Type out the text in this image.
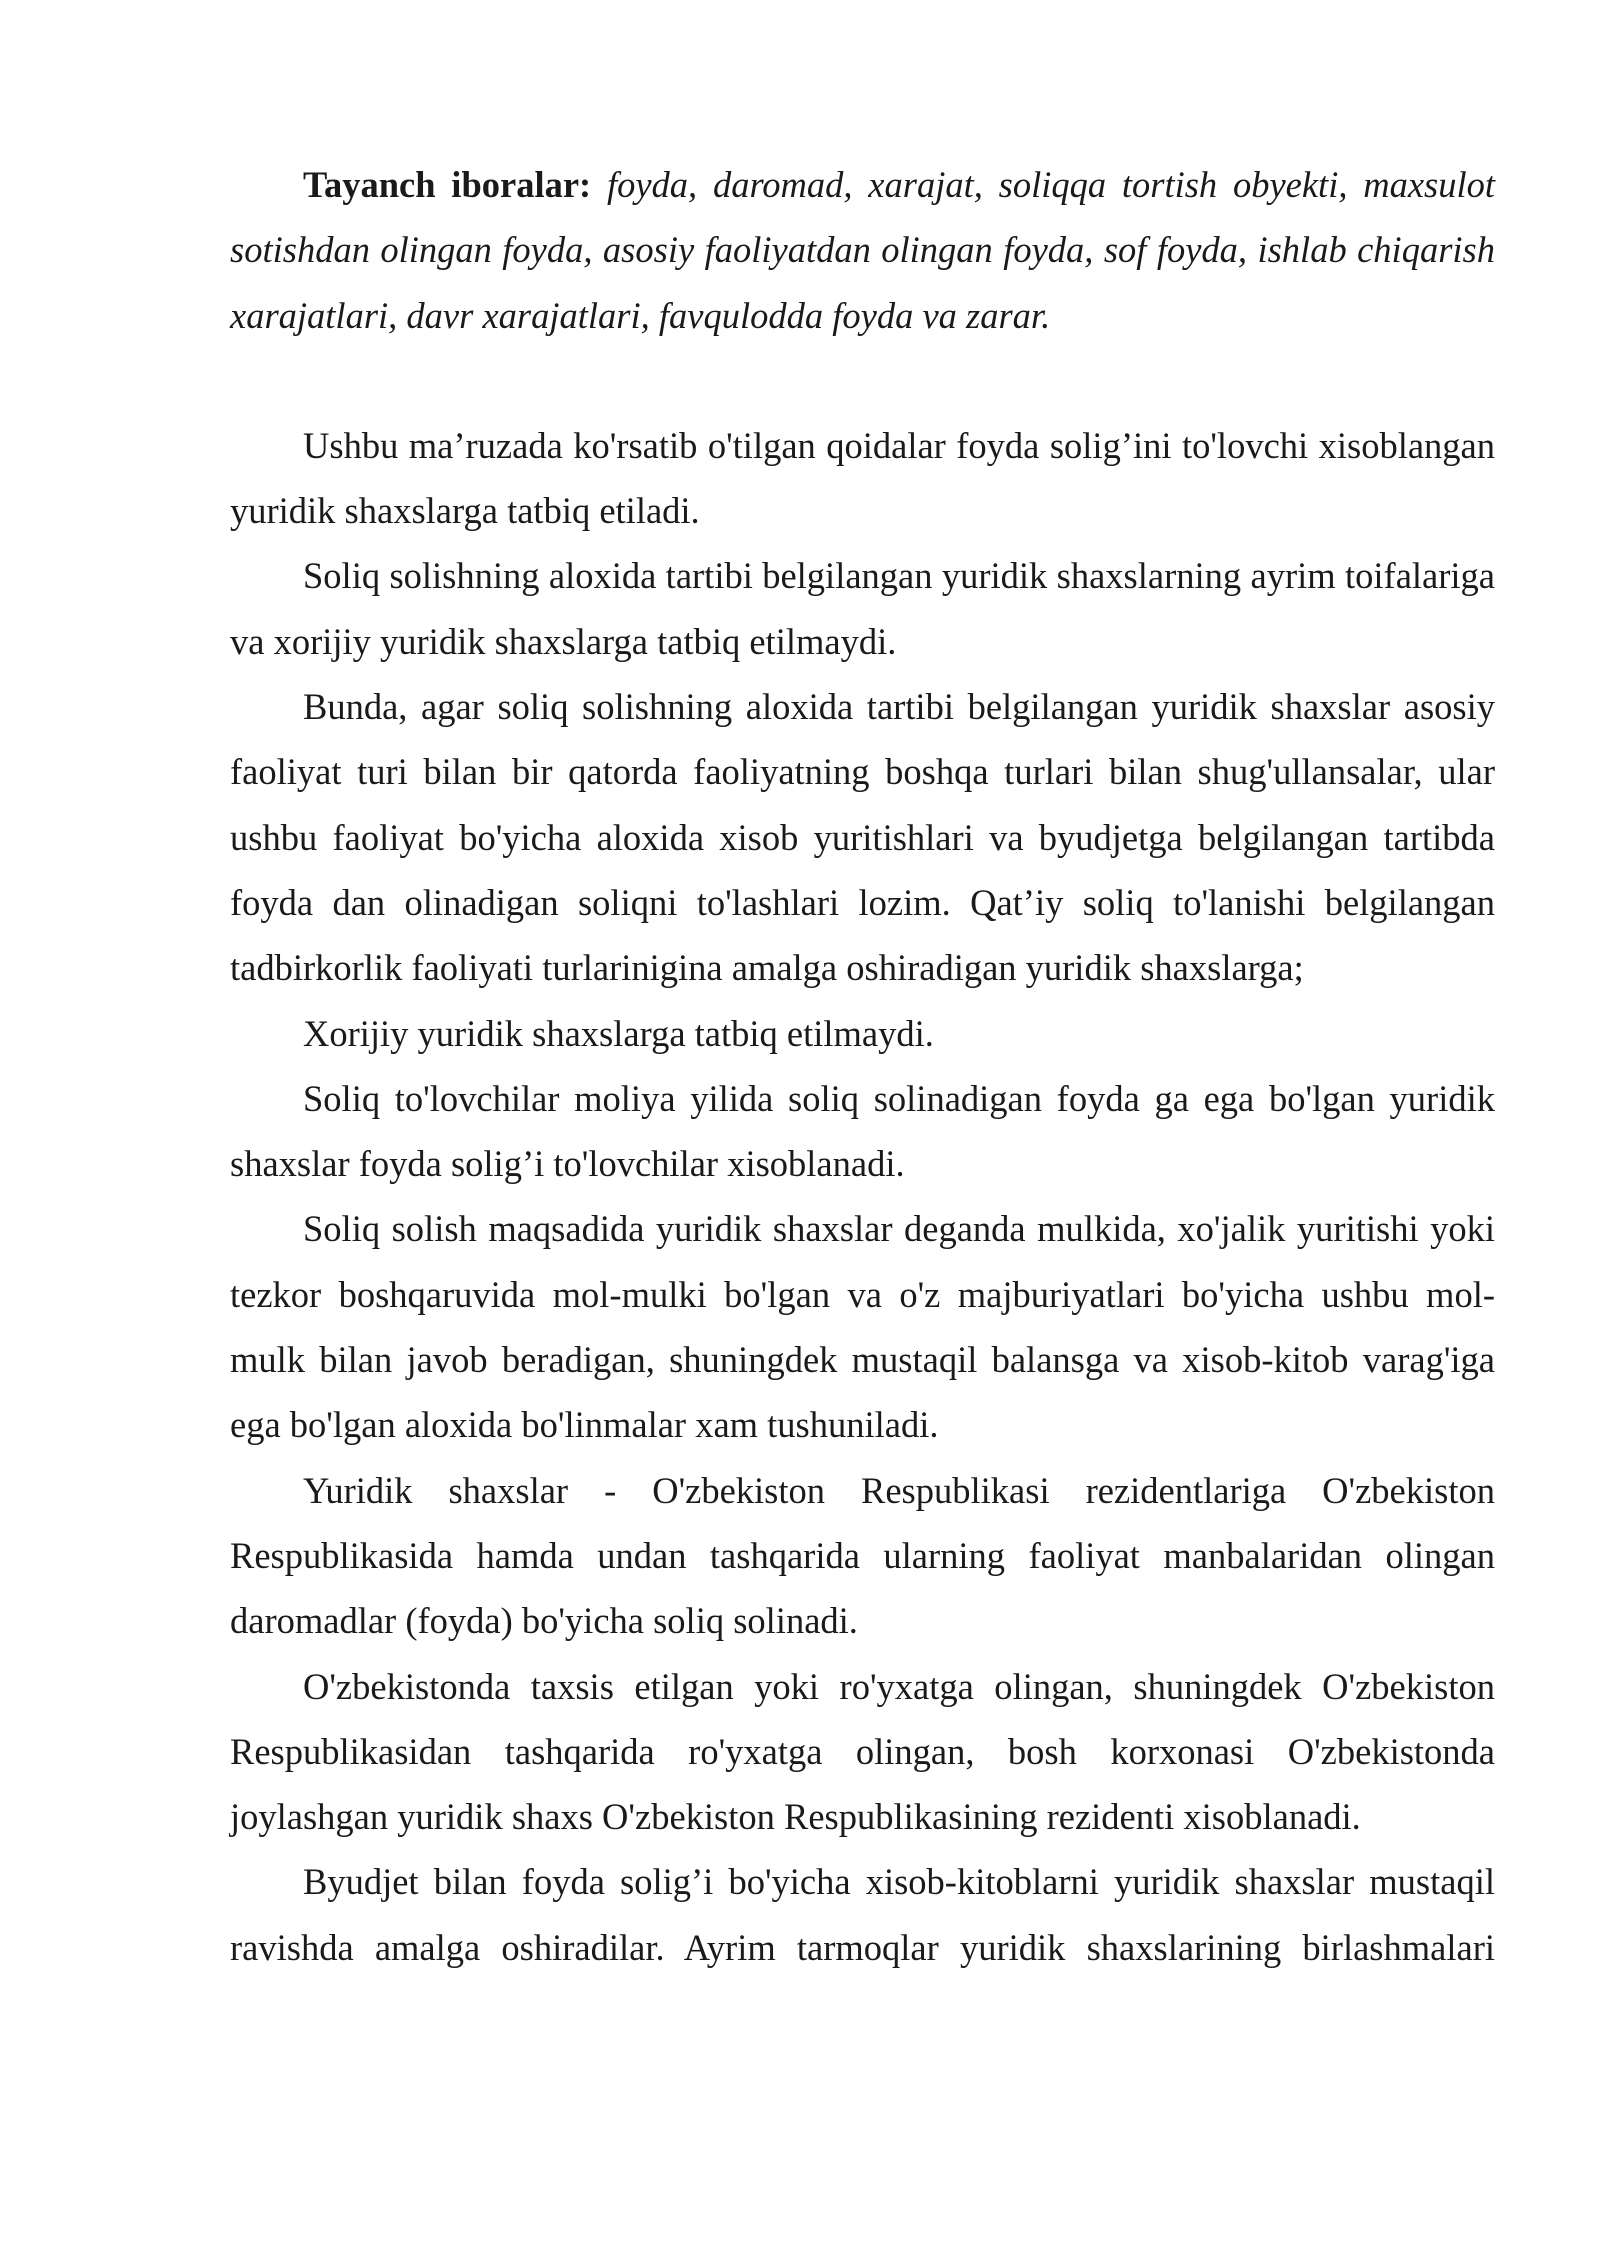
Tayanch iboralar: foyda, daromad, xarajat, soliqqa tortish obyekti, maxsulot sotishdan olingan foyda, asosiy faoliyatdan olingan foyda, sof foyda, ishlab chiqarish xarajatlari, davr xarajatlari, favqulodda foyda va zarar.

Ushbu ma’ruzada ko'rsatib o'tilgan qoidalar foyda solig’ini to'lovchi xisoblangan yuridik shaxslarga tatbiq etiladi.

Soliq solishning aloxida tartibi belgilangan yuridik shaxslarning ayrim toifalariga va xorijiy yuridik shaxslarga tatbiq etilmaydi.

Bunda, agar soliq solishning aloxida tartibi belgilangan yuridik shaxslar asosiy faoliyat turi bilan bir qatorda faoliyatning boshqa turlari bilan shug'ullansalar, ular ushbu faoliyat bo'yicha aloxida xisob yuritishlari va byudjetga belgilangan tartibda foyda dan olinadigan soliqni to'lashlari lozim. Qat’iy soliq to'lanishi belgilangan tadbirkorlik faoliyati turlarinigina amalga oshiradigan yuridik shaxslarga;

Xorijiy yuridik shaxslarga tatbiq etilmaydi.

Soliq to'lovchilar moliya yilida soliq solinadigan foyda ga ega bo'lgan yuridik shaxslar foyda solig’i to'lovchilar xisoblanadi.

Soliq solish maqsadida yuridik shaxslar deganda mulkida, xo'jalik yuritishi yoki tezkor boshqaruvida mol-mulki bo'lgan va o'z majburiyatlari bo'yicha ushbu mol-mulk bilan javob beradigan, shuningdek mustaqil balansga va xisob-kitob varag'iga ega bo'lgan aloxida bo'linmalar xam tushuniladi.

Yuridik shaxslar - O'zbekiston Respublikasi rezidentlariga O'zbekiston Respublikasida hamda undan tashqarida ularning faoliyat manbalaridan olingan daromadlar (foyda) bo'yicha soliq solinadi.

O'zbekistonda taxsis etilgan yoki ro'yxatga olingan, shuningdek O'zbekiston Respublikasidan tashqarida ro'yxatga olingan, bosh korxonasi O'zbekistonda joylashgan yuridik shaxs O'zbekiston Respublikasining rezidenti xisoblanadi.

Byudjet bilan foyda solig’i bo'yicha xisob-kitoblarni yuridik shaxslar mustaqil ravishda amalga oshiradilar. Ayrim tarmoqlar yuridik shaxslarining birlashmalari
